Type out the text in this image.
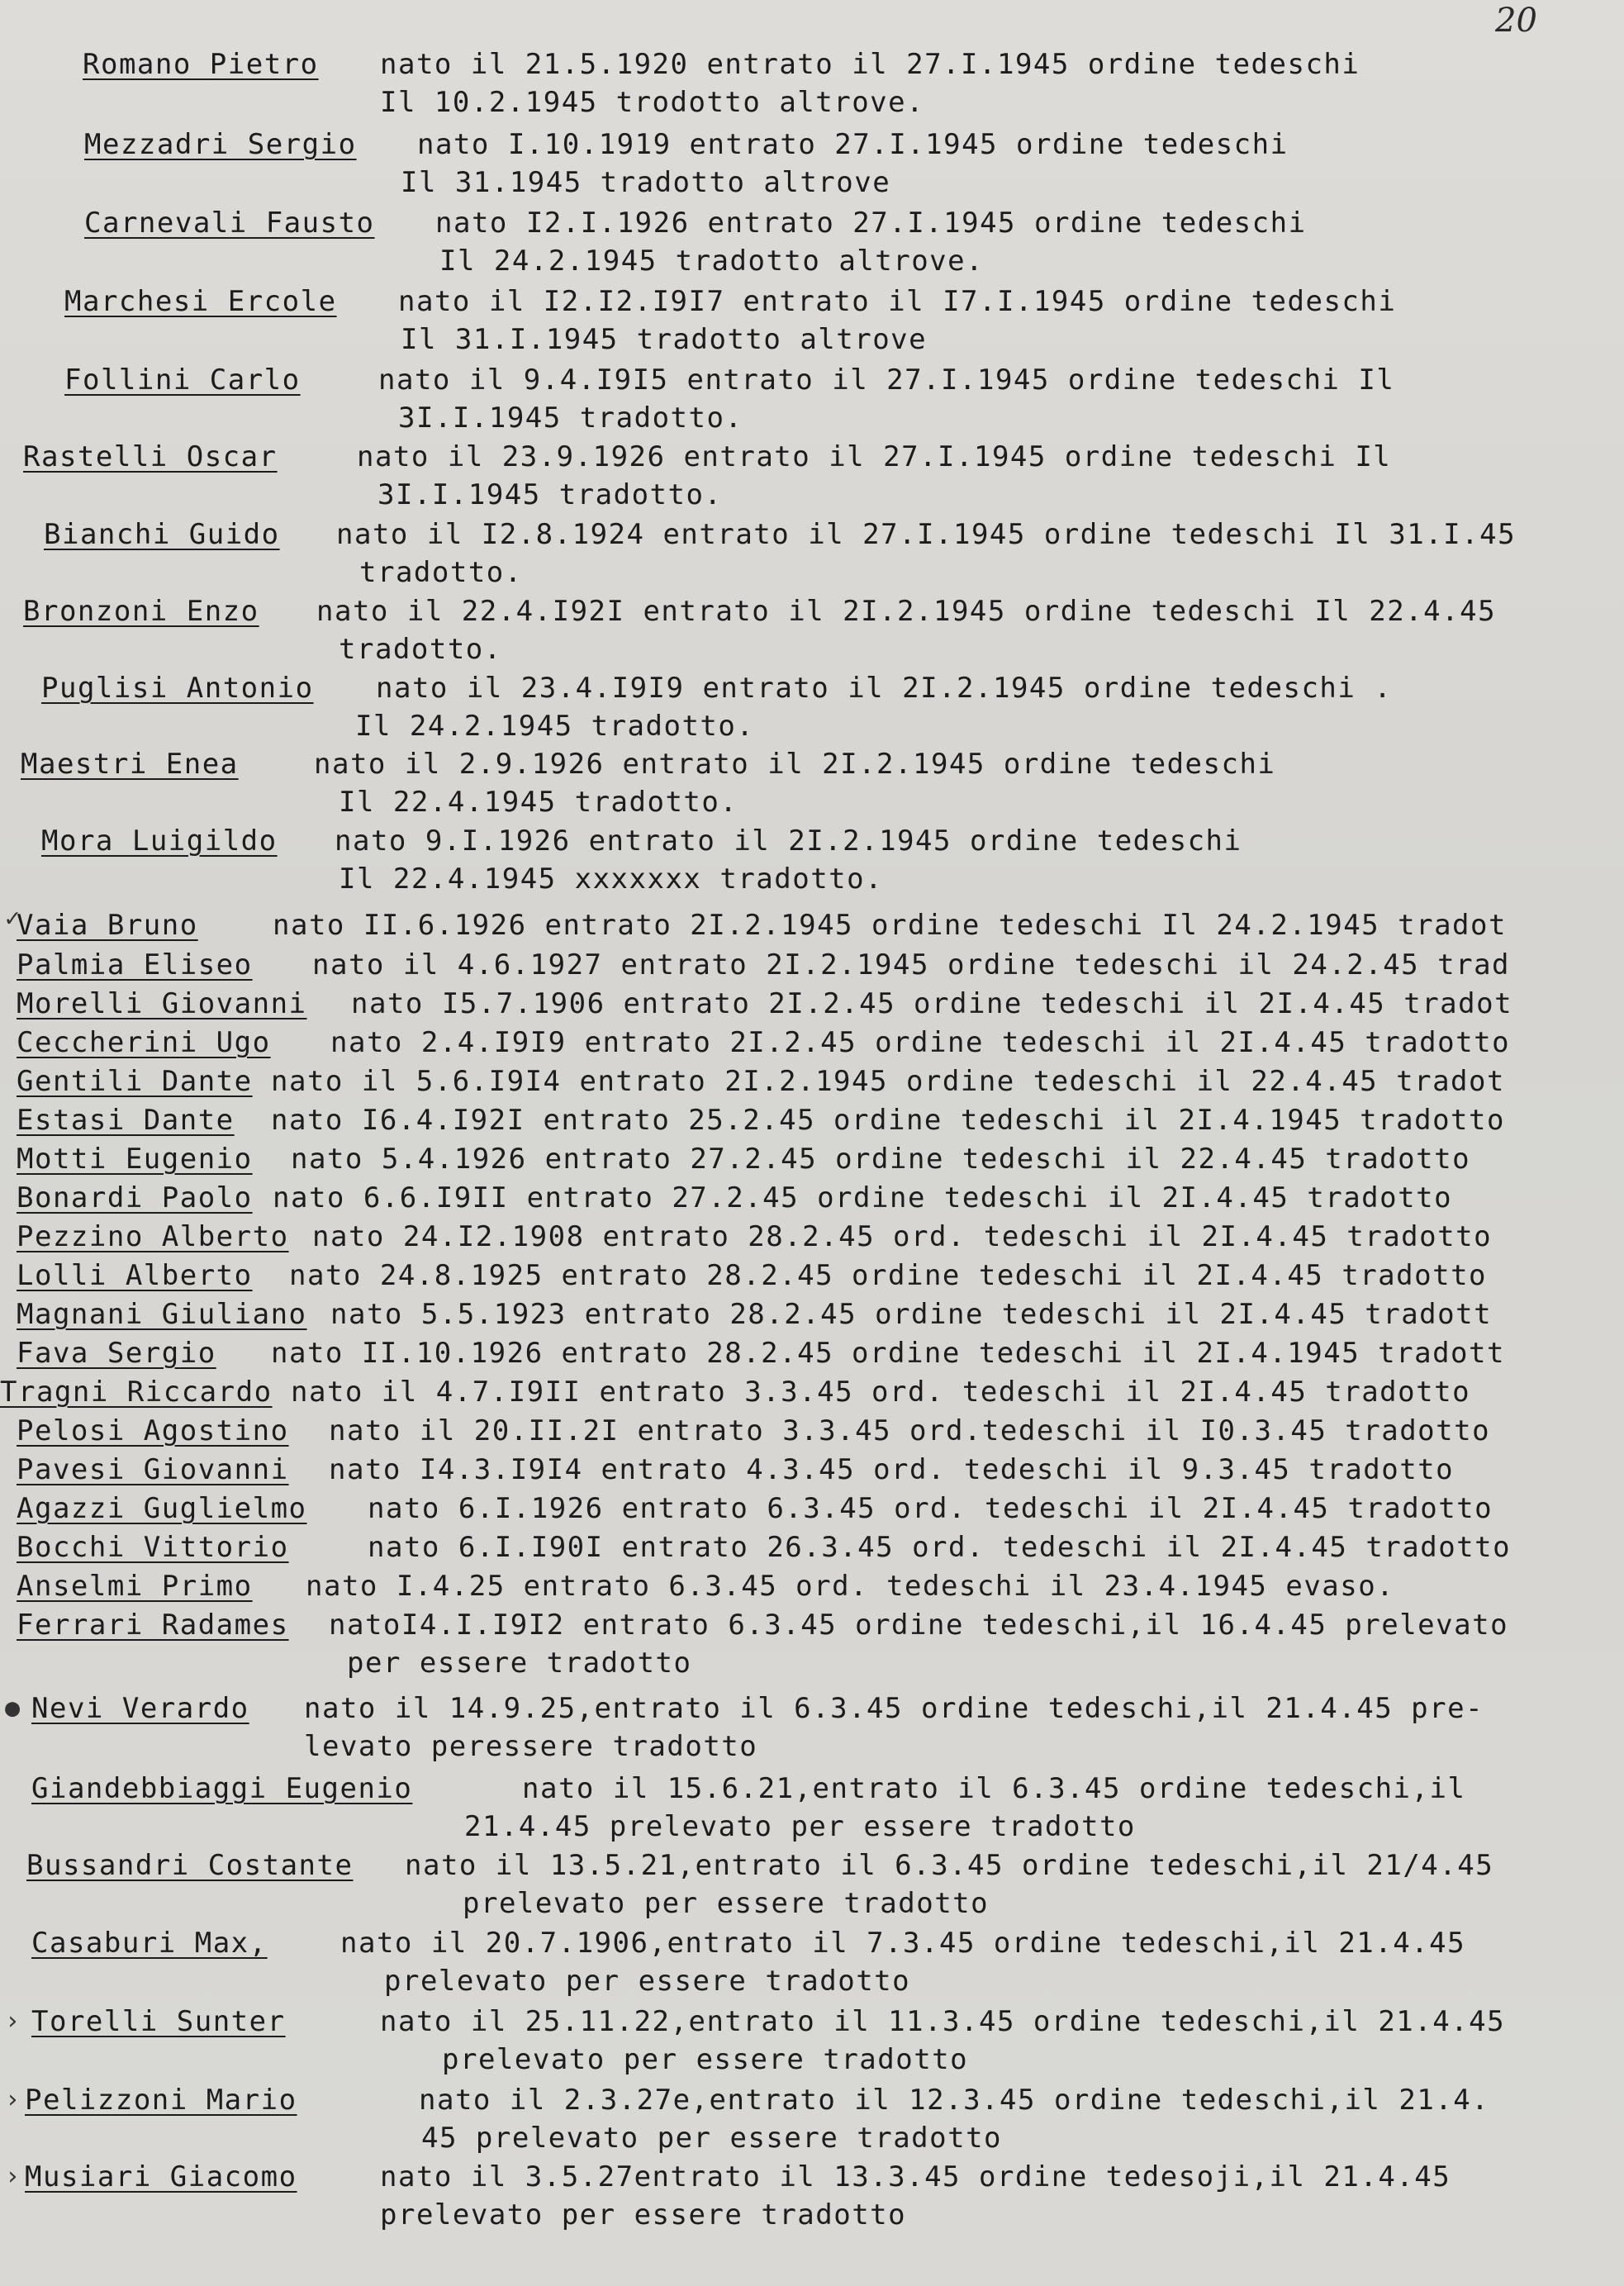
20
Romano Pietro nato il 21.5.1920 entrato il 27.I.1945 ordine tedeschi
Il 10.2.1945 trodotto altrove.
Mezzadri Sergio nato I.10.1919 entrato 27.I.1945 ordine tedeschi
Il 31.1945 tradotto altrove
Carnevali Fausto nato I2.I.1926 entrato 27.I.1945 ordine tedeschi
Il 24.2.1945 tradotto altrove.
Marchesi Ercole nato il I2.I2.I9I7 entrato il I7.I.1945 ordine tedeschi
Il 31.I.1945 tradotto altrove
Follini Carlo	nato il 9.4.I9I5 entrato il 27.I.1945 ordine tedeschi Il
3I.I.1945 tradotto.
Rastelli Oscar	nato il 23.9.1926 entrato il 27.I.1945 ordine tedeschi Il
3I.I.1945 tradotto.
Bianchi Guido nato il I2.8.1924 entrato il 27.I.1945 ordine tedeschi Il 31.I.45
tradotto.
Bronzoni Enzo nato il 22.4.I92I entrato il 2I.2.1945 ordine tedeschi Il 22.4.45
tradotto.
Puglisi Antonio nato il 23.4.I9I9 entrato il 2I.2.1945 ordine tedeschi .
Il 24.2.1945 tradotto.
Maestri Enea	nato il 2.9.1926 entrato il 2I.2.1945 ordine tedeschi
Il 22.4.1945 tradotto.
Mora Luigildo nato 9.I.1926 entrato il 2I.2.1945 ordine tedeschi
Il 22.4.1945 xxxxxxx tradotto.
✓
Vaia Bruno	nato II.6.1926 entrato 2I.2.1945 ordine tedeschi Il 24.2.1945 tradot
Palmia Eliseo nato il 4.6.1927 entrato 2I.2.1945 ordine tedeschi il 24.2.45 trad
Morelli Giovanni nato I5.7.1906 entrato 2I.2.45 ordine tedeschi il 2I.4.45 tradot
Ceccherini Ugo nato 2.4.I9I9 entrato 2I.2.45 ordine tedeschi il 2I.4.45 tradotto
Gentili Dante nato il 5.6.I9I4 entrato 2I.2.1945 ordine tedeschi il 22.4.45 tradot
Estasi Dante nato I6.4.I92I entrato 25.2.45 ordine tedeschi il 2I.4.1945 tradotto
Motti Eugenio nato 5.4.1926 entrato 27.2.45 ordine tedeschi il 22.4.45 tradotto
Bonardi Paolo nato 6.6.I9II entrato 27.2.45 ordine tedeschi il 2I.4.45 tradotto
Pezzino Alberto nato 24.I2.1908 entrato 28.2.45 ord. tedeschi il 2I.4.45 tradotto
Lolli Alberto nato 24.8.1925 entrato 28.2.45 ordine tedeschi il 2I.4.45 tradotto
Magnani Giuliano nato 5.5.1923 entrato 28.2.45 ordine tedeschi il 2I.4.45 tradott
Fava Sergio nato II.10.1926 entrato 28.2.45 ordine tedeschi il 2I.4.1945 tradott
Tragni Riccardo nato il 4.7.I9II entrato 3.3.45 ord. tedeschi il 2I.4.45 tradotto
Pelosi Agostino nato il 20.II.2I entrato 3.3.45 ord.tedeschi il I0.3.45 tradotto
Pavesi Giovanni nato I4.3.I9I4 entrato 4.3.45 ord. tedeschi il 9.3.45 tradotto
Agazzi Guglielmo nato 6.I.1926 entrato 6.3.45 ord. tedeschi il 2I.4.45 tradotto
Bocchi Vittorio	nato 6.I.I90I entrato 26.3.45 ord. tedeschi il 2I.4.45 tradotto
Anselmi Primo nato I.4.25 entrato 6.3.45 ord. tedeschi il 23.4.1945 evaso.
Ferrari Radames natoI4.I.I9I2 entrato 6.3.45 ordine tedeschi,il 16.4.45 prelevato
per essere tradotto
● Nevi Verardo nato il 14.9.25,entrato il 6.3.45 ordine tedeschi,il 21.4.45 pre-
levato peressere tradotto
Giandebbiaggi Eugenio	nato il 15.6.21,entrato il 6.3.45 ordine tedeschi,il
21.4.45 prelevato per essere tradotto
Bussandri Costante nato il 13.5.21,entrato il 6.3.45 ordine tedeschi,il 21/4.45
prelevato per essere tradotto
Casaburi Max,	nato il 20.7.1906,entrato il 7.3.45 ordine tedeschi,il 21.4.45
prelevato per essere tradotto
› Torelli Sunter	nato il 25.11.22,entrato il 11.3.45 ordine tedeschi,il 21.4.45
prelevato per essere tradotto
› Pelizzoni Mario	nato il 2.3.27e,entrato il 12.3.45 ordine tedeschi,il 21.4.
45 prelevato per essere tradotto
› Musiari Giacomo	nato il 3.5.27entrato il 13.3.45 ordine tedesoji,il 21.4.45
prelevato per essere tradotto
